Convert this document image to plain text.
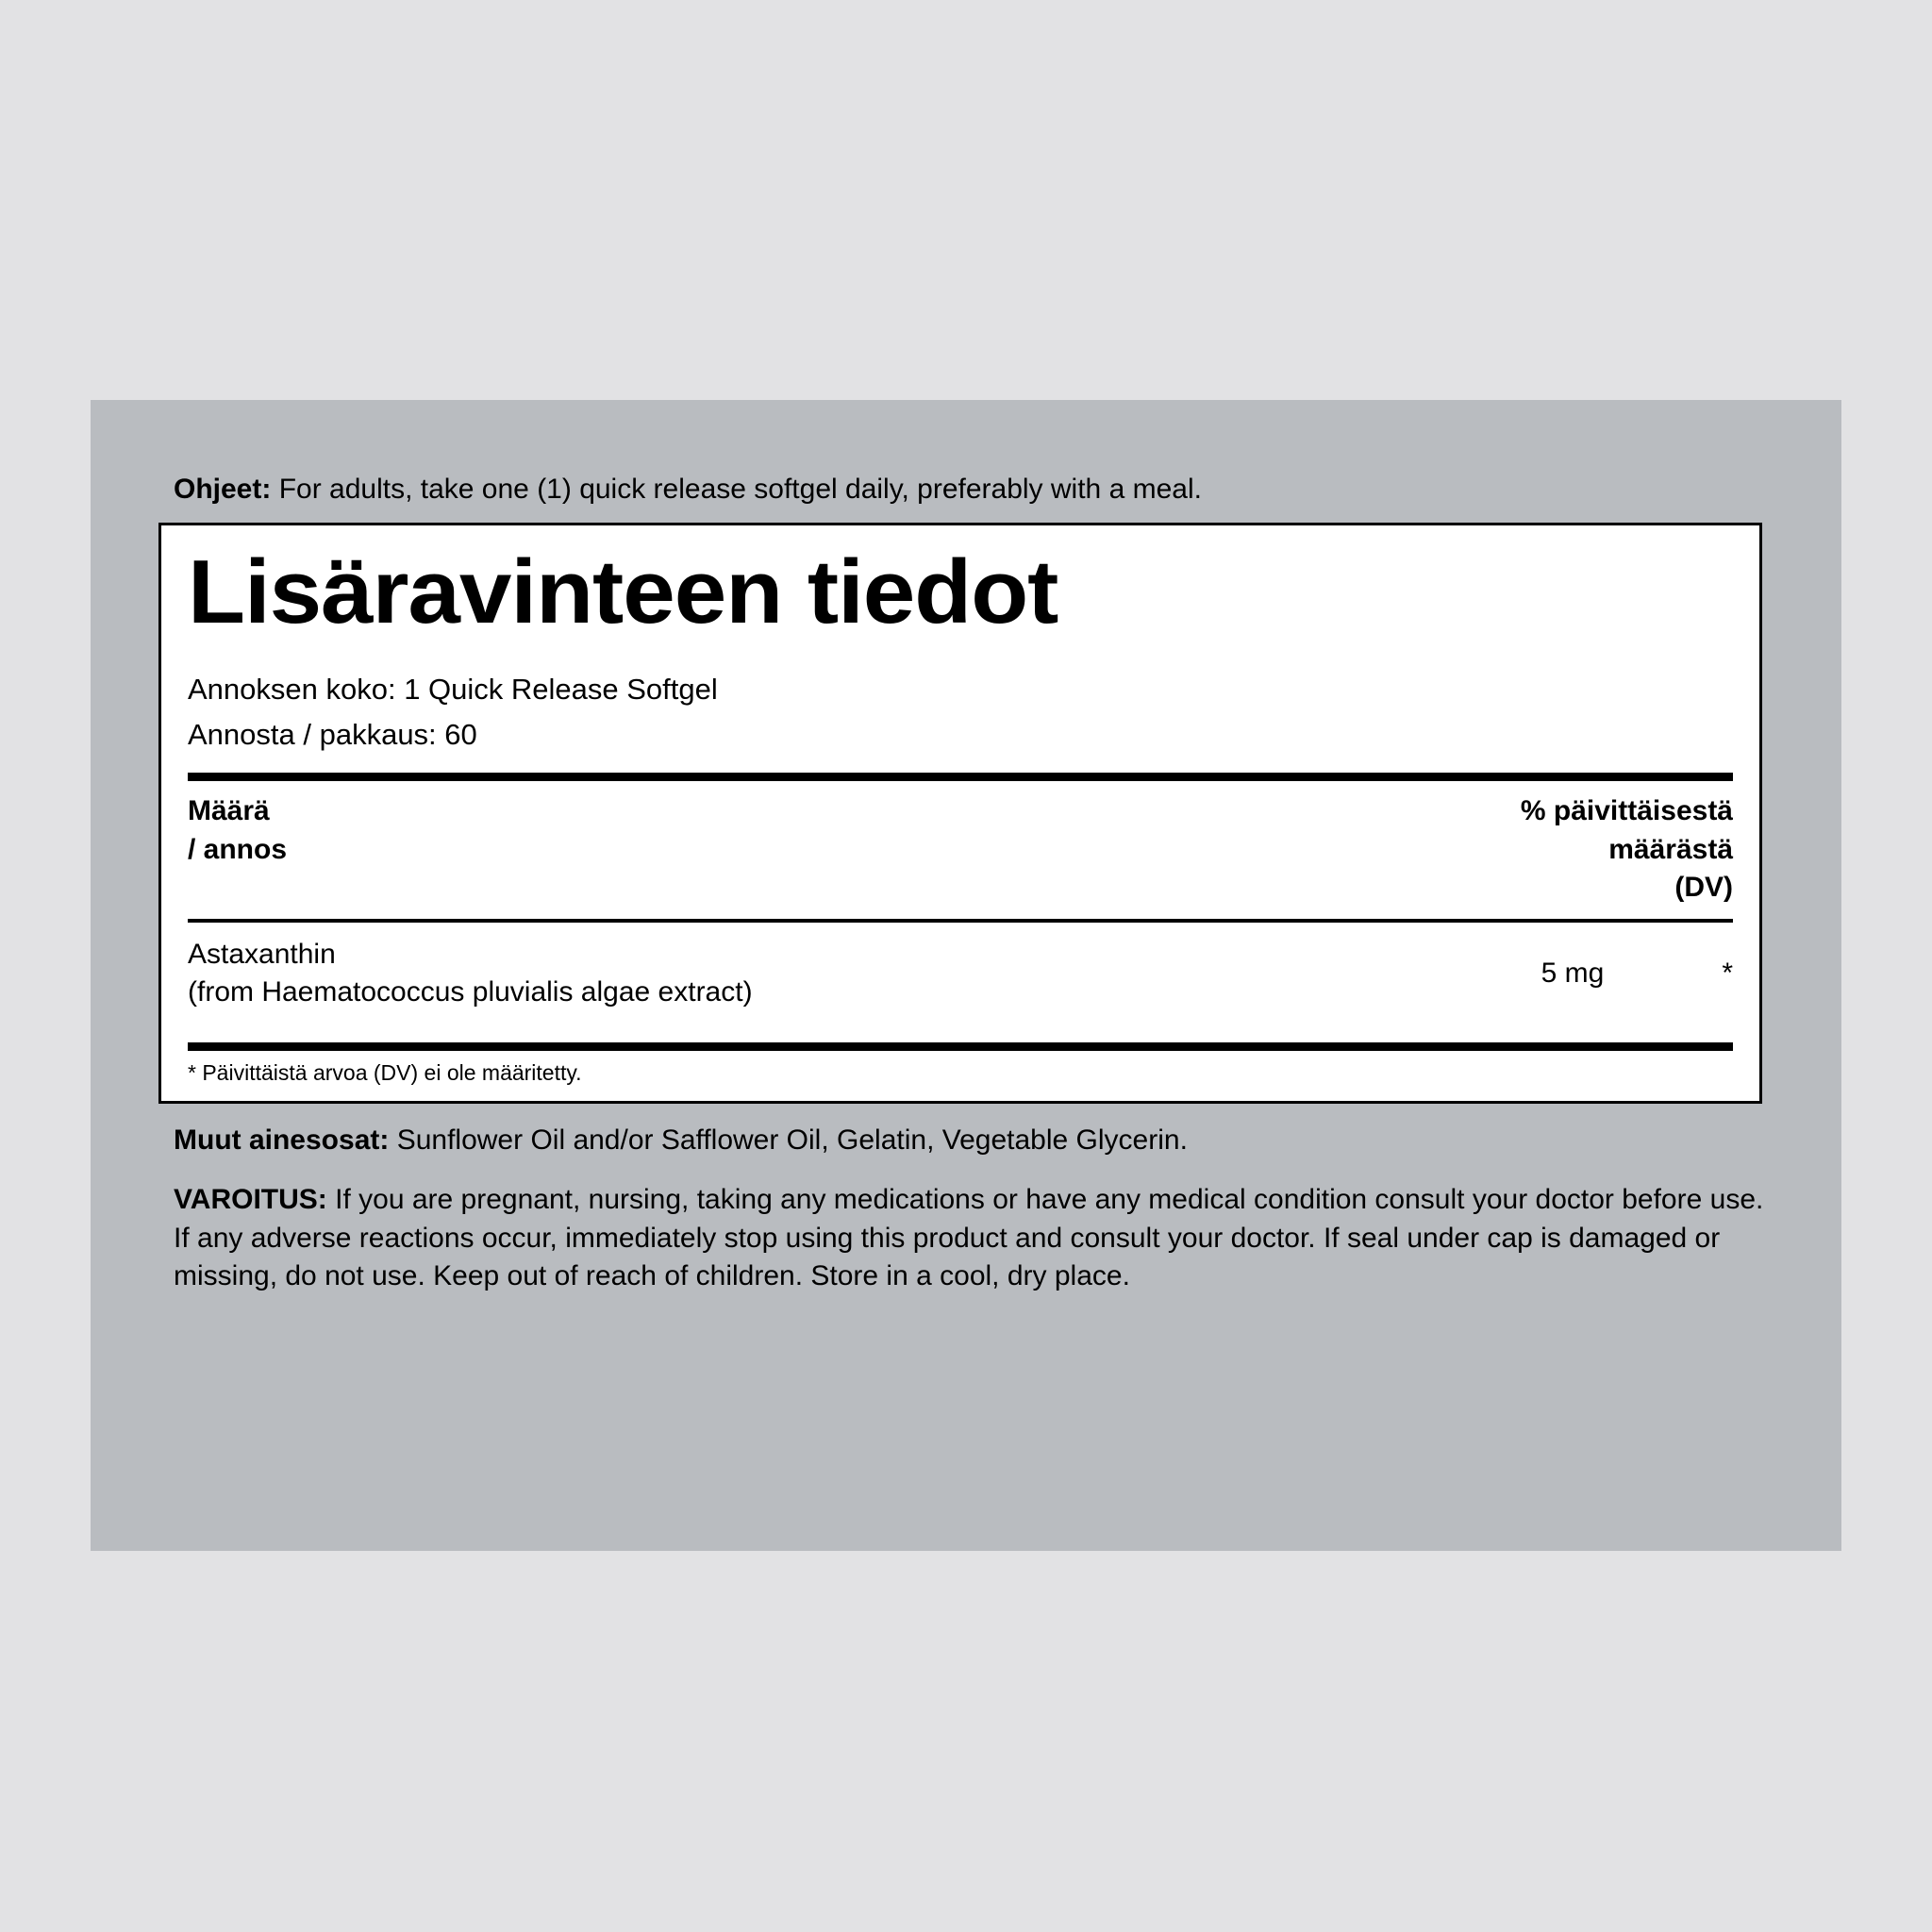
Ohjeet: For adults, take one (1) quick release softgel daily, preferably with a meal.
Lisäravinteen tiedot
Annoksen koko: 1 Quick Release Softgel
Annosta / pakkaus: 60
Määrä
/ annos
% päivittäisestä
määrästä
(DV)
Astaxanthin
(from Haematococcus pluvialis algae extract)
5 mg	*
* Päivittäistä arvoa (DV) ei ole määritetty.
Muut ainesosat: Sunflower Oil and/or Safflower Oil, Gelatin, Vegetable Glycerin.
VAROITUS: If you are pregnant, nursing, taking any medications or have any medical condition consult your doctor before use. If any adverse reactions occur, immediately stop using this product and consult your doctor. If seal under cap is damaged or missing, do not use. Keep out of reach of children. Store in a cool, dry place.
